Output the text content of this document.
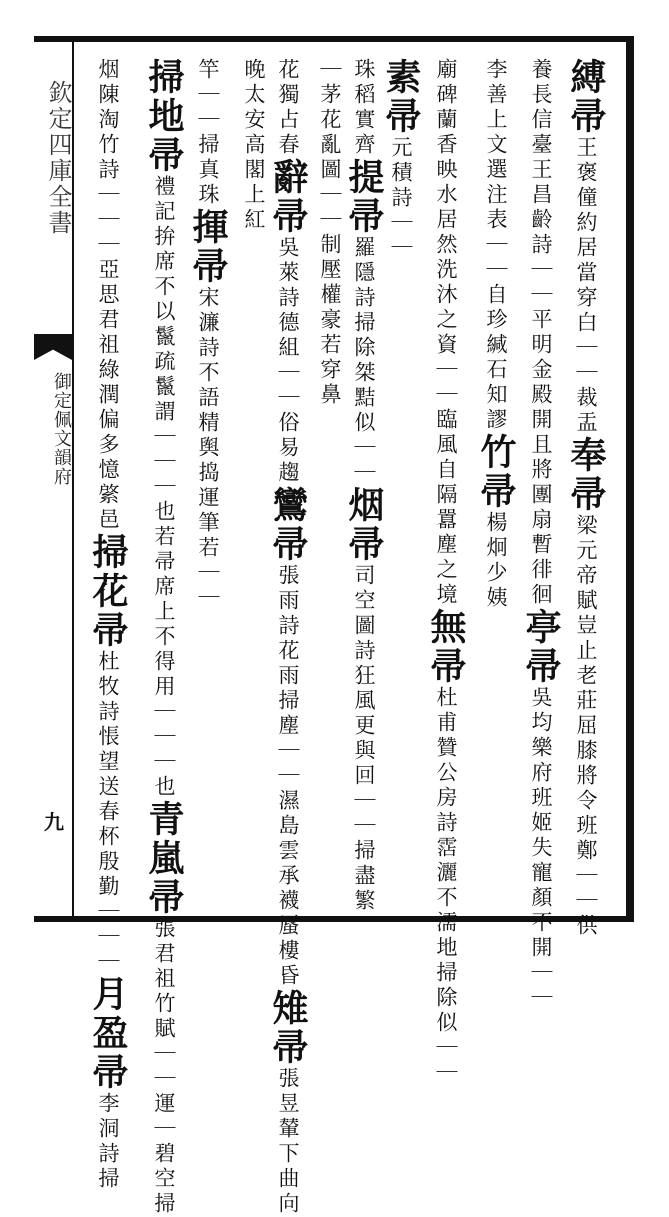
欽定四庫全書
御定佩文韻府
九
縛帚王褒僮約居當穿白｜｜裁盂奉帚梁元帝賦豈止老莊屈膝將令班鄭｜｜供
養長信臺王昌齡詩｜｜平明金殿開且將團扇暫徘徊亭帚吳均樂府班姬失寵顏不開｜｜
李善上文選注表｜｜自珍緘石知謬竹帚楊炯少姨
廟碑蘭香映水居然洗沐之資｜｜臨風自隔囂塵之境無帚杜甫贊公房詩霑灑不濡地掃除似｜｜
素帚元積詩｜｜
珠稻實齊提帚羅隱詩掃除桀黠似｜｜烟帚司空圖詩狂風更與回｜｜掃盡繁
｜茅花亂圖｜｜制壓權豪若穿鼻
花獨占春辭帚吳萊詩德組｜｜俗易趨鸞帚張雨詩花雨掃塵｜｜濕島雲承襪蜃樓昏雉帚張昱輦下曲向
晚太安高閣上紅
竿｜｜掃真珠揮帚宋濂詩不語精舆捣運筆若｜｜
掃地帚禮記拚席不以鬣疏鬣謂｜｜｜也若帚席上不得用｜｜｜也青嵐帚張君祖竹賦｜｜運｜碧空掃
烟陳淘竹詩｜｜｜亞思君祖綠潤偏多憶綮邑掃花帚杜牧詩悵望送春杯殷勤｜｜｜月盈帚李洞詩掃
